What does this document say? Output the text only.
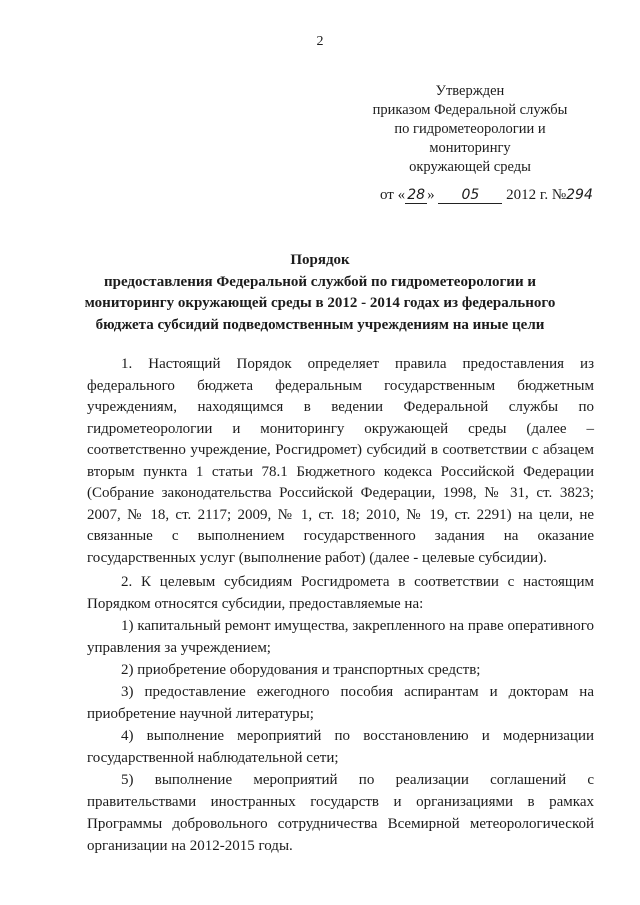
2
Утвержден
приказом Федеральной службы
по гидрометеорологии и
мониторингу
окружающей среды
от « 28 » 05 2012 г. №294
Порядок
предоставления Федеральной службой по гидрометеорологии и
мониторингу окружающей среды в 2012 - 2014 годах из федерального
бюджета субсидий подведомственным учреждениям на иные цели
1. Настоящий Порядок определяет правила предоставления из федерального бюджета федеральным государственным бюджетным учреждениям, находящимся в ведении Федеральной службы по гидрометеорологии и мониторингу окружающей среды (далее – соответственно учреждение, Росгидромет) субсидий в соответствии с абзацем вторым пункта 1 статьи 78.1 Бюджетного кодекса Российской Федерации (Собрание законодательства Российской Федерации, 1998, № 31, ст. 3823; 2007, № 18, ст. 2117; 2009, № 1, ст. 18; 2010, № 19, ст. 2291) на цели, не связанные с выполнением государственного задания на оказание государственных услуг (выполнение работ) (далее - целевые субсидии).
2. К целевым субсидиям Росгидромета в соответствии с настоящим Порядком относятся субсидии, предоставляемые на:
1) капитальный ремонт имущества, закрепленного на праве оперативного управления за учреждением;
2) приобретение оборудования и транспортных средств;
3) предоставление ежегодного пособия аспирантам и докторам на приобретение научной литературы;
4) выполнение мероприятий по восстановлению и модернизации государственной наблюдательной сети;
5) выполнение мероприятий по реализации соглашений с правительствами иностранных государств и организациями в рамках Программы добровольного сотрудничества Всемирной метеорологической организации на 2012-2015 годы.
